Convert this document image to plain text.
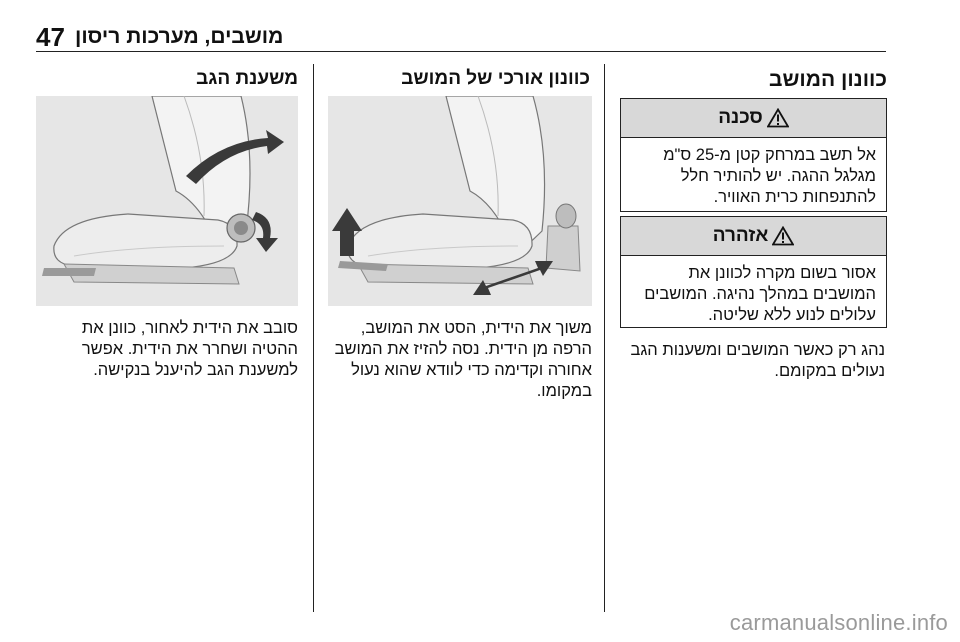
47 מושבים, מערכות ריסון
כוונון המושב
סכנה
אל תשב במרחק קטן מ-25 ס"מ מגלגל ההגה. יש להותיר חלל להתנפחות כרית האוויר.
אזהרה
אסור בשום מקרה לכוונן את המושבים במהלך נהיגה. המושבים עלולים לנוע ללא שליטה.
נהג רק כאשר המושבים ומשענות הגב נעולים במקומם.
כוונון אורכי של המושב
משוך את הידית, הסט את המושב, הרפה מן הידית. נסה להזיז את המושב אחורה וקדימה כדי לוודא שהוא נעול במקומו.
משענת הגב
סובב את הידית לאחור, כוונן את ההטיה ושחרר את הידית. אפשר למשענת הגב להיענל בנקישה.
carmanualsonline.info
